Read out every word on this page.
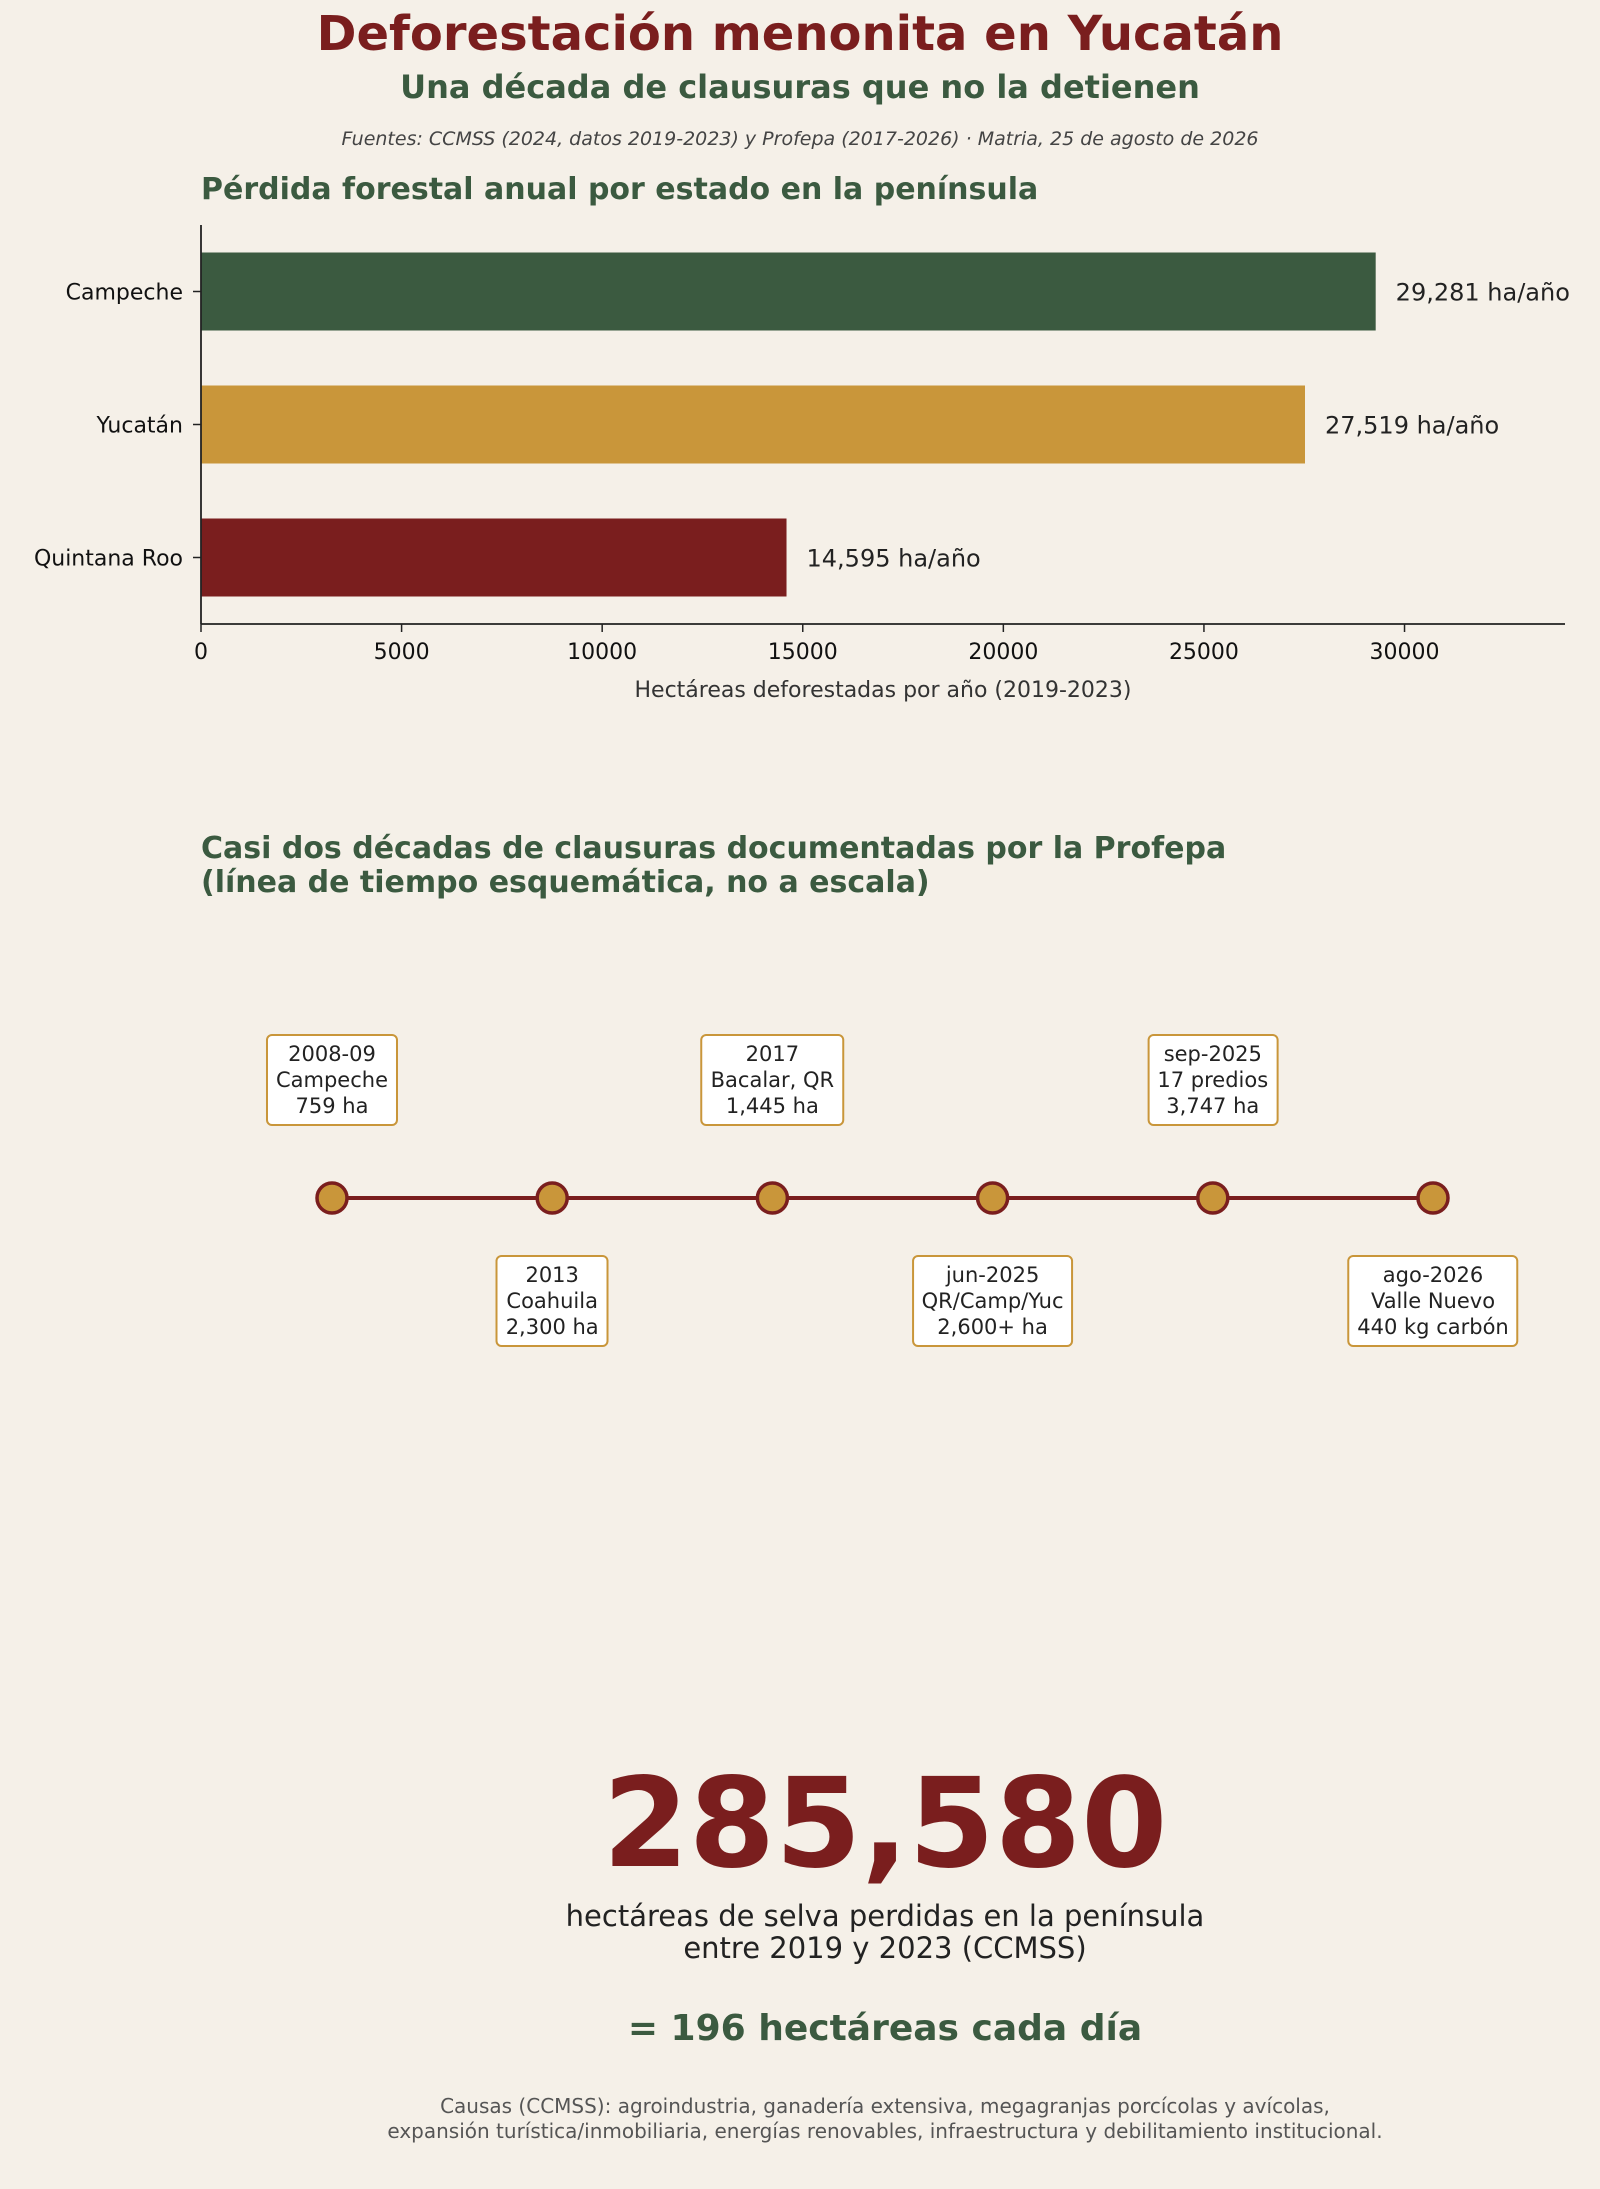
Deforestación menonita en Yucatán
Una década de clausuras que no la detienen
Fuentes: CCMSS (2024, datos 2019-2023) y Profepa (2017-2026) · Matria, 25 de agosto de 2026
Pérdida forestal anual por estado en la península
29,281 ha/año
Campeche
27,519 ha/año
Yucatán
14,595 ha/año
Quintana Roo
0	5000	10000	15000	20000	25000	30000
Hectáreas deforestadas por año (2019-2023)
Casi dos décadas de clausuras documentadas por la Profepa
(línea de tiempo esquemática, no a escala)
2008-09
Campeche
759 ha
2013
Coahuila
2,300 ha
2017
Bacalar, QR
1,445 ha
jun-2025
QR/Camp/Yuc
2,600+ ha
sep-2025
17 predios
3,747 ha
ago-2026
Valle Nuevo
440 kg carbón
285,580
hectáreas de selva perdidas en la península
entre 2019 y 2023 (CCMSS)
= 196 hectáreas cada día
Causas (CCMSS): agroindustria, ganadería extensiva, megagranjas porcícolas y avícolas,
expansión turística/inmobiliaria, energías renovables, infraestructura y debilitamiento institucional.
